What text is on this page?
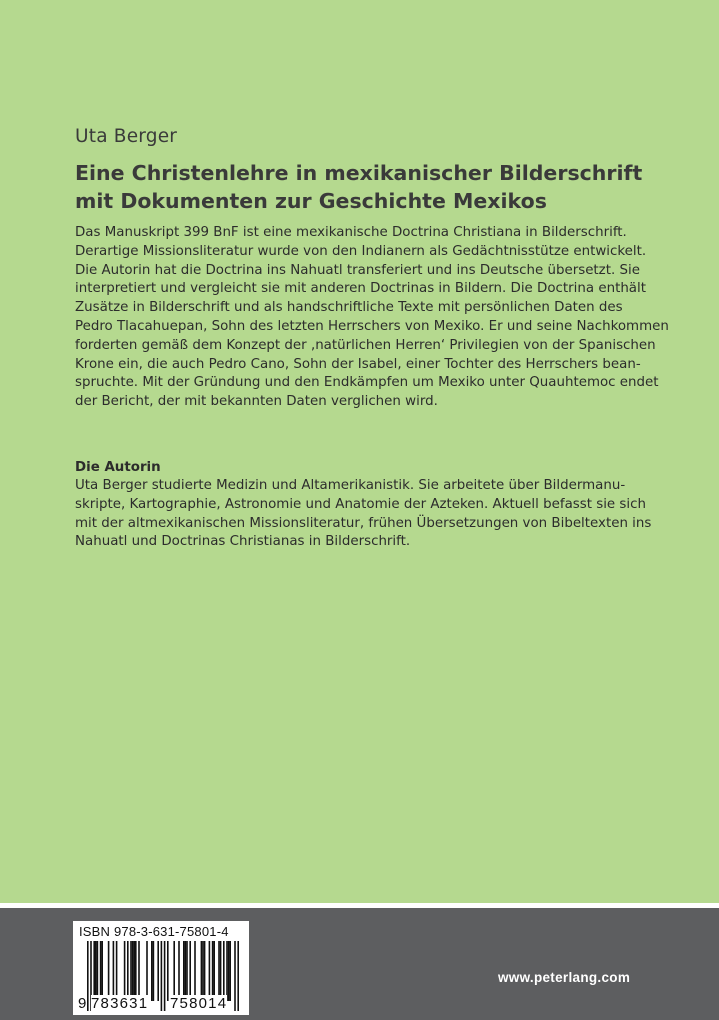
Uta Berger
Eine Christenlehre in mexikanischer Bilderschrift
mit Dokumenten zur Geschichte Mexikos
Das Manuskript 399 BnF ist eine mexikanische Doctrina Christiana in Bilderschrift.
Derartige Missionsliteratur wurde von den Indianern als Gedächtnisstütze entwickelt.
Die Autorin hat die Doctrina ins Nahuatl transferiert und ins Deutsche übersetzt. Sie
interpretiert und vergleicht sie mit anderen Doctrinas in Bildern. Die Doctrina enthält
Zusätze in Bilderschrift und als handschriftliche Texte mit persönlichen Daten des
Pedro Tlacahuepan, Sohn des letzten Herrschers von Mexiko. Er und seine Nachkommen
forderten gemäß dem Konzept der ‚natürlichen Herren‘ Privilegien von der Spanischen
Krone ein, die auch Pedro Cano, Sohn der Isabel, einer Tochter des Herrschers bean-
spruchte. Mit der Gründung und den Endkämpfen um Mexiko unter Quauhtemoc endet
der Bericht, der mit bekannten Daten verglichen wird.
Die Autorin
Uta Berger studierte Medizin und Altamerikanistik. Sie arbeitete über Bildermanu-
skripte, Kartographie, Astronomie und Anatomie der Azteken. Aktuell befasst sie sich
mit der altmexikanischen Missionsliteratur, frühen Übersetzungen von Bibeltexten ins
Nahuatl und Doctrinas Christianas in Bilderschrift.
ISBN 978-3-631-75801-4
9 783631 758014
www.peterlang.com
